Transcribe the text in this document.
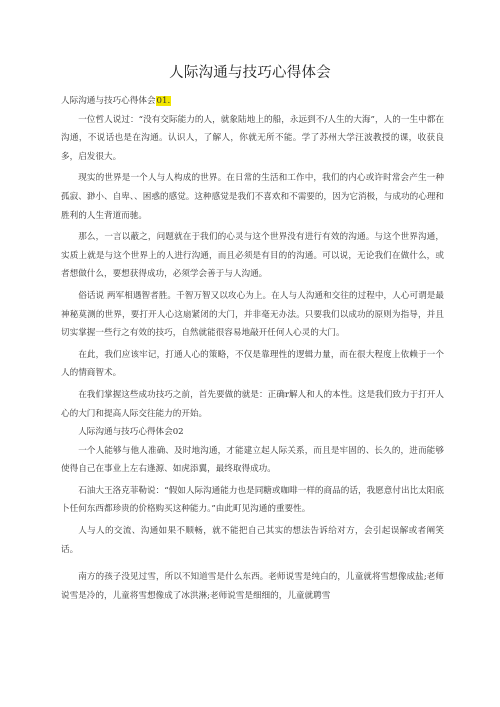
人际沟通与技巧心得体会

人际沟通与技巧心得体会01.

一位哲人说过：“没有交际能力的人，就象陆地上的船，永远到不/人生的大海”，人的一生中都在沟通，不说话也是在沟通。认识人，了解人，你就无所不能。学了苏州大学汪波教授的课，收获良多，启发很大。

现实的世界是一个人与人构成的世界。在日常的生活和工作中，我们的内心或许时常会产生一种孤寂、渺小、自卑、、困惑的感觉。这种感觉是我们不喜欢和不需要的，因为它消极，与成功的心理和胜利的人生背道而驰。

那么，一言以蔽之，问题就在于我们的心灵与这个世界没有进行有效的沟通。与这个世界沟通，实质上就是与这个世界上的人进行沟通，而且必须是有目的的沟通。可以说，无论我们在做什么，或者想做什么，要想获得成功，必须学会善于与人沟通。

俗话说 两军相遇智者胜。千智万智又以攻心为上。在人与人沟通和交往的过程中，人心可谓是最神秘莫测的世界，要打开人心这扇紧闭的大门，并非毫无办法。只要我们以成功的原则为指导，并且切实掌握一些行之有效的技巧，自然就能很容易地敲开任何人心灵的大门。

在此，我们应该牢记，打通人心的策略，不仅是靠理性的逻辑力量，而在很大程度上依赖于一个人的情商智术。

在我们掌握这些成功技巧之前，首先要做的就是：正确r解人和人的本性。这是我们致力于打开人心的大门和提高人际交往能力的开始。

人际沟通与技巧心得体会02

一个人能够与他人准确、及时地沟通，才能建立起人际关系，而且是牢固的、长久的，进而能够使得自己在事业上左右逢源、如虎添翼，最终取得成功。

石油大王洛克菲勒说：“假如人际沟通能力也是同糖或咖啡一样的商品的话，我愿意付出比太阳底卜任何东西都珍贵的价格购买这种能力。”由此町见沟通的重要性。

人与人的交流、沟通如果不顺畅，就不能把自己其实的想法告诉给对方，会引起误解或者阐笑话。

南方的孩子没见过雪，所以不知道雪是什么东西。老师说雪是纯白的，儿童就将雪想像成盐;老师说雪是冷的，儿童将雪想像成了冰洪淋;老师说雪是细细的，儿童就聘雪
